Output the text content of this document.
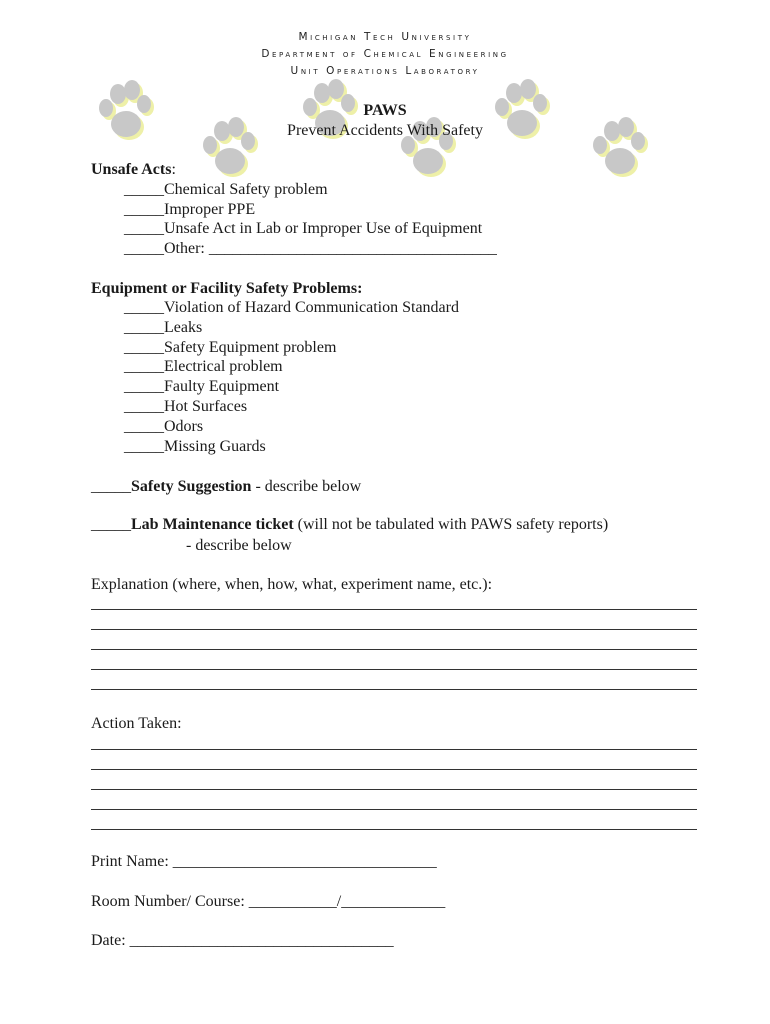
Michigan Tech University
Department of Chemical Engineering
Unit Operations Laboratory
PAWS
Prevent Accidents With Safety
Unsafe Acts:
_____Chemical Safety problem
_____Improper PPE
_____Unsafe Act in Lab or Improper Use of Equipment
_____Other: ____________________________________
Equipment or Facility Safety Problems:
_____Violation of Hazard Communication Standard
_____Leaks
_____Safety Equipment problem
_____Electrical problem
_____Faulty Equipment
_____Hot Surfaces
_____Odors
_____Missing Guards
_____Safety Suggestion - describe below
_____Lab Maintenance ticket (will not be tabulated with PAWS safety reports)
- describe below
Explanation (where, when, how, what, experiment name, etc.):
Action Taken:
Print Name: _________________________________
Room Number/ Course: ___________/_____________
Date: _________________________________
